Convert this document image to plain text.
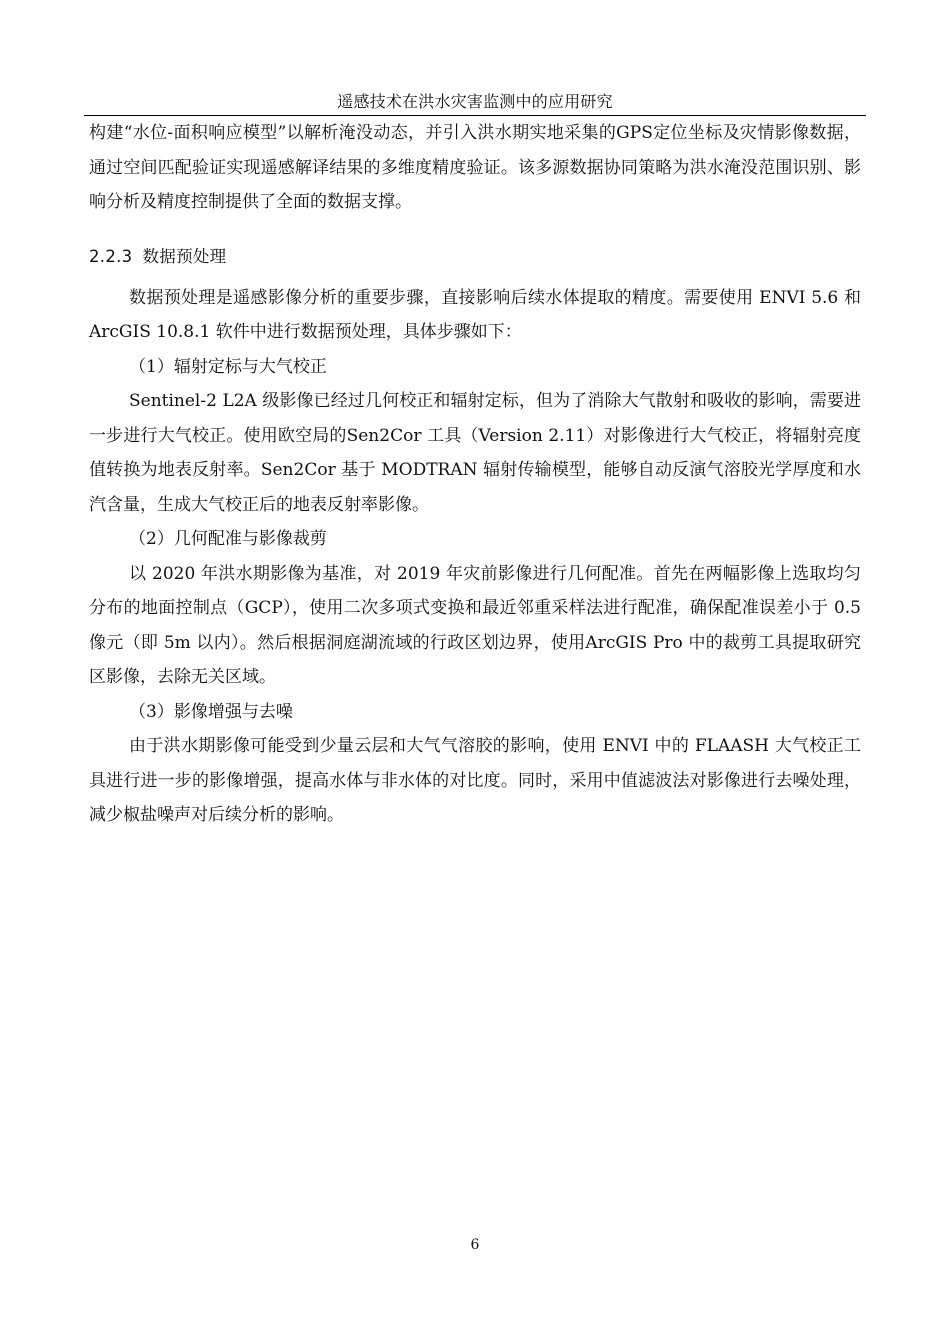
遥感技术在洪水灾害监测中的应用研究

构建“水位-面积响应模型”以解析淹没动态，并引入洪水期实地采集的GPS定位坐标及灾情影像数据，通过空间匹配验证实现遥感解译结果的多维度精度验证。该多源数据协同策略为洪水淹没范围识别、影响分析及精度控制提供了全面的数据支撑。

2.2.3 数据预处理

数据预处理是遥感影像分析的重要步骤，直接影响后续水体提取的精度。需要使用 ENVI 5.6 和 ArcGIS 10.8.1 软件中进行数据预处理，具体步骤如下：

（1）辐射定标与大气校正

Sentinel-2 L2A 级影像已经过几何校正和辐射定标，但为了消除大气散射和吸收的影响，需要进一步进行大气校正。使用欧空局的Sen2Cor 工具（Version 2.11）对影像进行大气校正，将辐射亮度值转换为地表反射率。Sen2Cor 基于 MODTRAN 辐射传输模型，能够自动反演气溶胶光学厚度和水汽含量，生成大气校正后的地表反射率影像。

（2）几何配准与影像裁剪

以 2020 年洪水期影像为基准，对 2019 年灾前影像进行几何配准。首先在两幅影像上选取均匀分布的地面控制点（GCP），使用二次多项式变换和最近邻重采样法进行配准，确保配准误差小于 0.5 像元（即 5m 以内）。然后根据洞庭湖流域的行政区划边界，使用ArcGIS Pro 中的裁剪工具提取研究区影像，去除无关区域。

（3）影像增强与去噪

由于洪水期影像可能受到少量云层和大气气溶胶的影响，使用 ENVI 中的 FLAASH 大气校正工具进行进一步的影像增强，提高水体与非水体的对比度。同时，采用中值滤波法对影像进行去噪处理，减少椒盐噪声对后续分析的影响。

6
